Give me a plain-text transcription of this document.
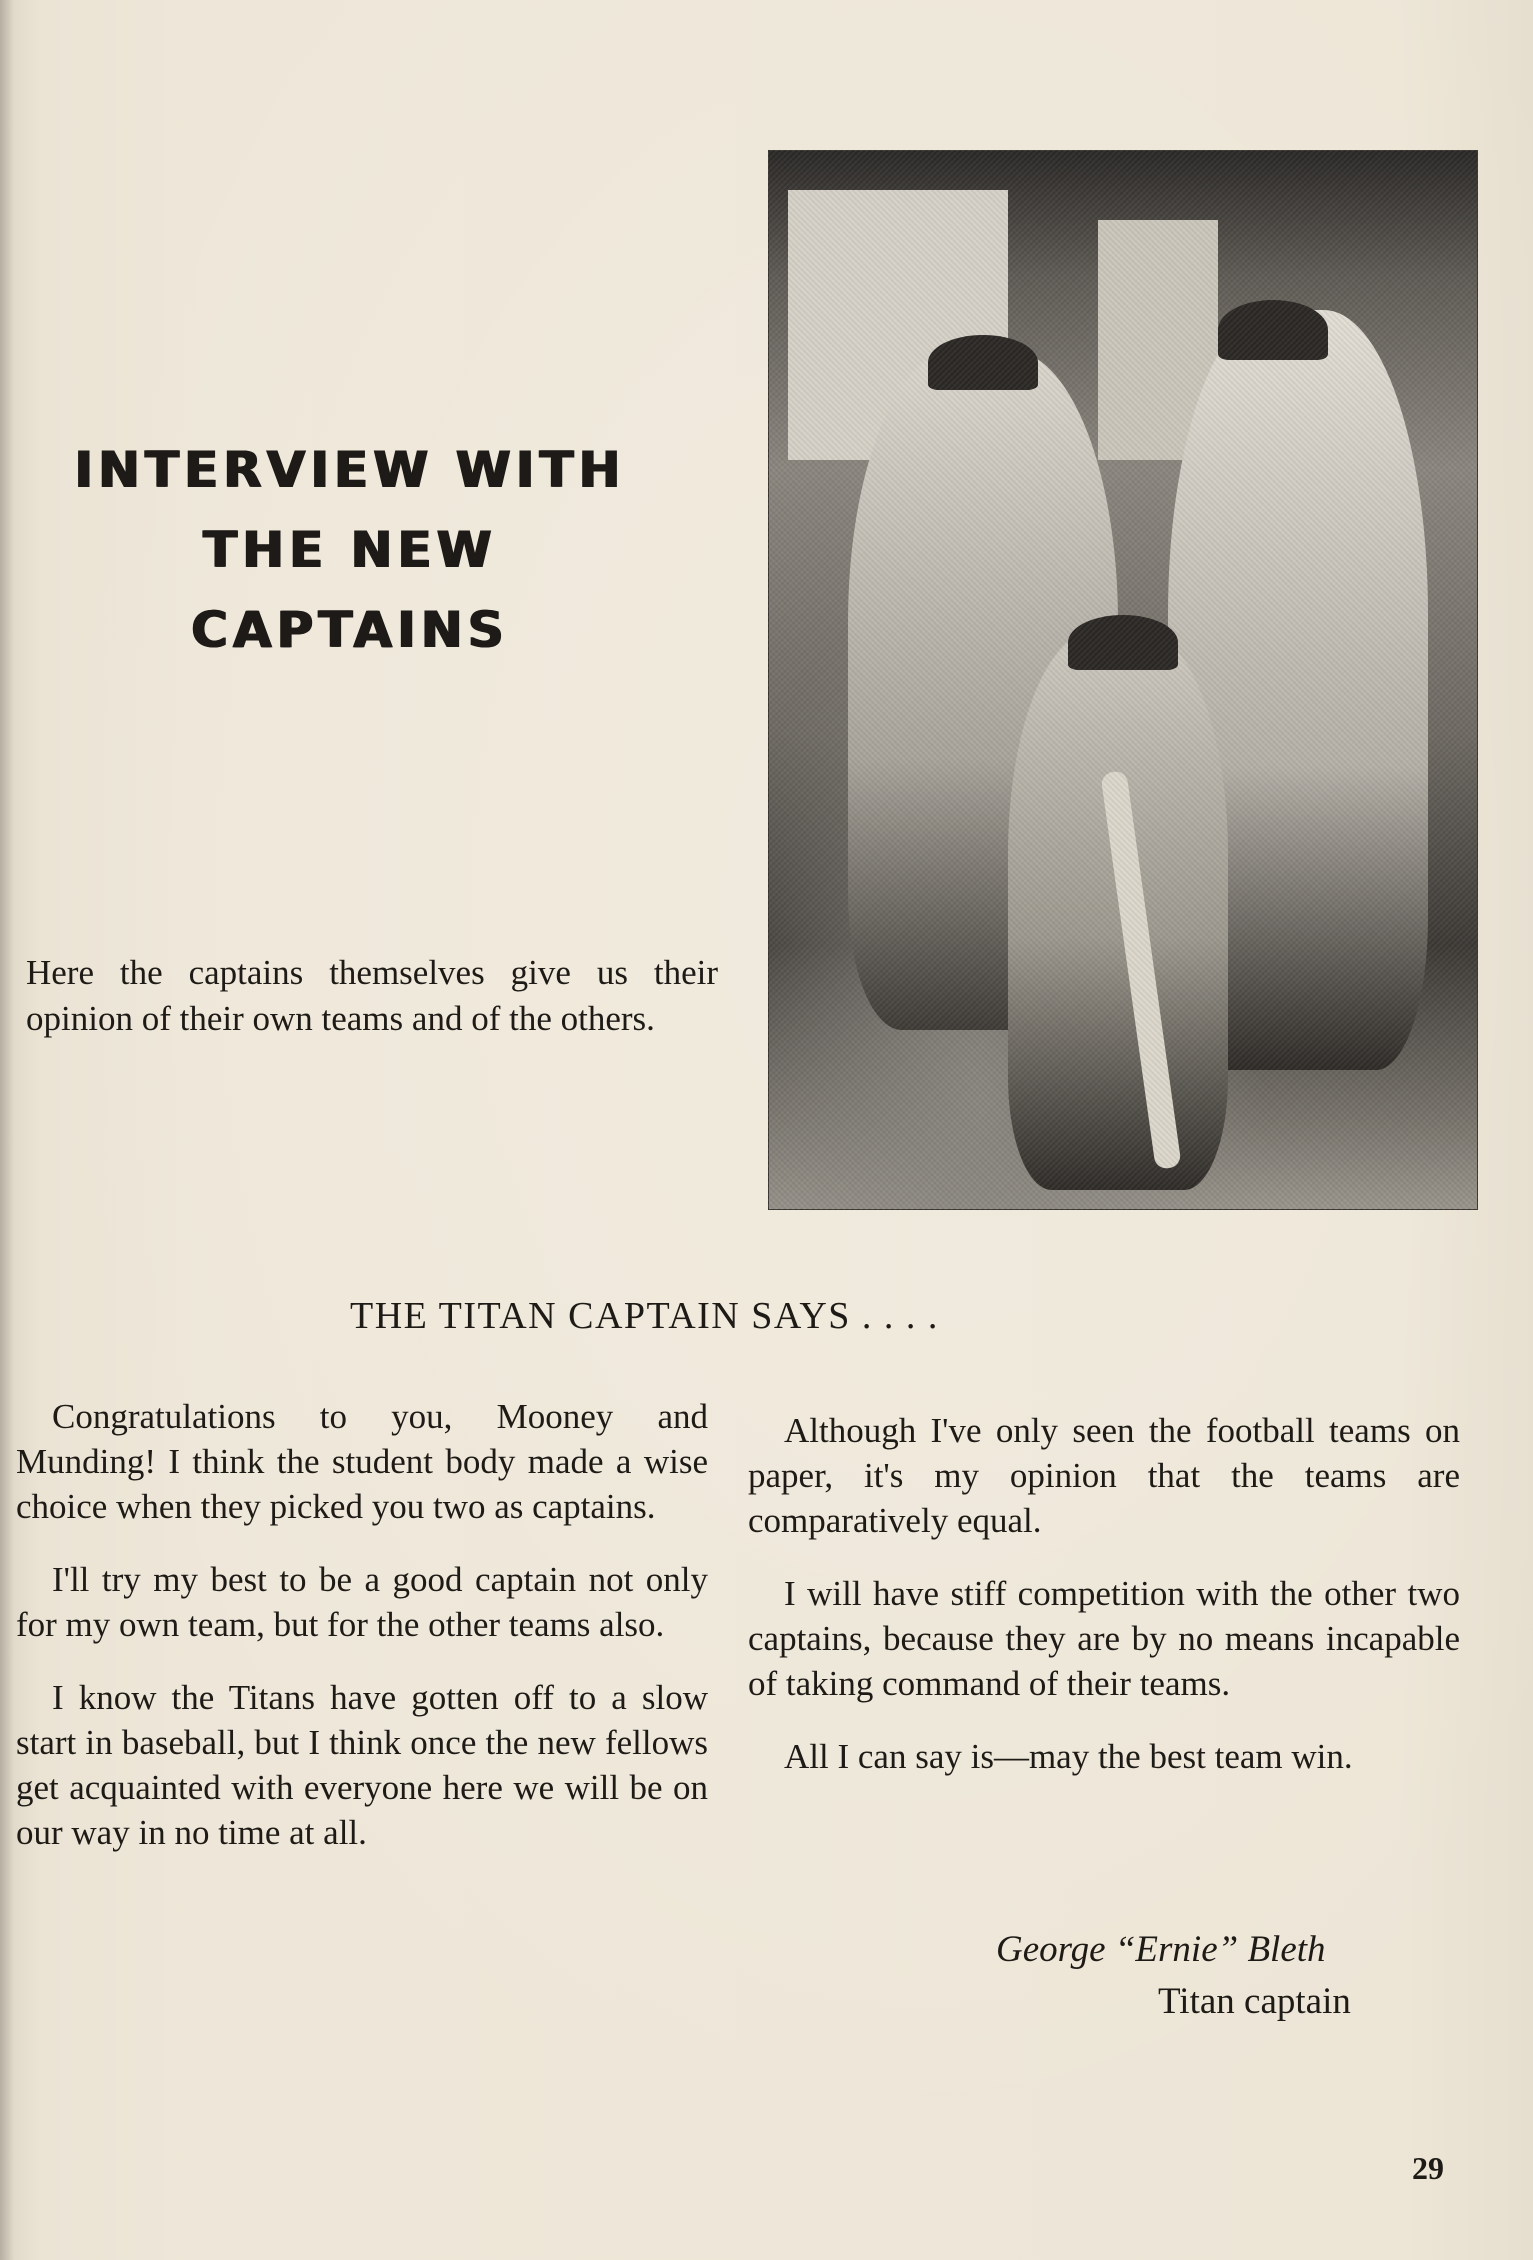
INTERVIEW WITH
THE NEW
CAPTAINS
Here the captains themselves give us their opinion of their own teams and of the others.
THE TITAN CAPTAIN SAYS . . . .

Congratulations to you, Mooney and Munding! I think the student body made a wise choice when they picked you two as captains.

I'll try my best to be a good captain not only for my own team, but for the other teams also.

I know the Titans have gotten off to a slow start in baseball, but I think once the new fellows get acquainted with everyone here we will be on our way in no time at all.

Although I've only seen the football teams on paper, it's my opinion that the teams are comparatively equal.

I will have stiff competition with the other two captains, because they are by no means incapable of taking command of their teams.

All I can say is—may the best team win.

George “Ernie” Bleth
Titan captain
29
